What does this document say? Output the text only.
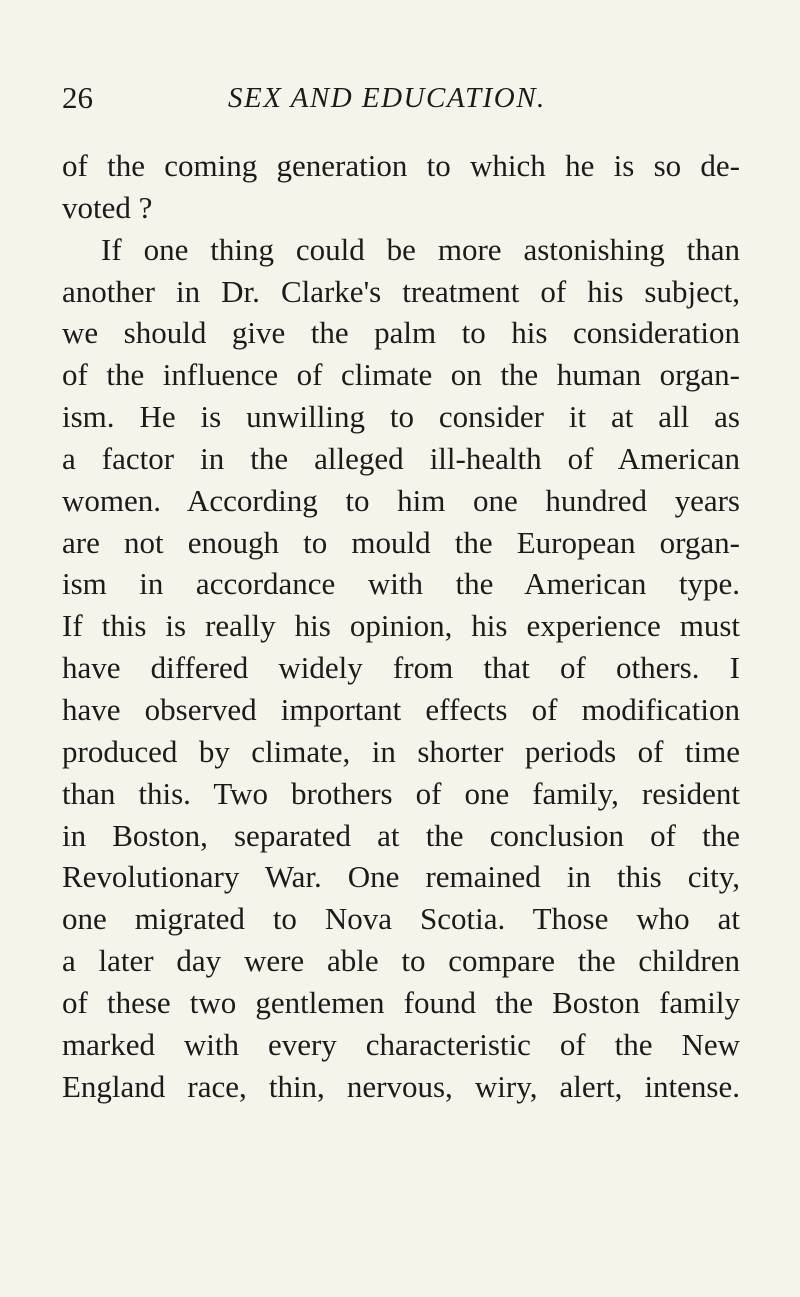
26	SEX AND EDUCATION.
of the coming generation to which he is so de-
voted ?
If one thing could be more astonishing than
another in Dr. Clarke's treatment of his subject,
we should give the palm to his consideration
of the influence of climate on the human organ-
ism. He is unwilling to consider it at all as
a factor in the alleged ill-health of American
women. According to him one hundred years
are not enough to mould the European organ-
ism in accordance with the American type.
If this is really his opinion, his experience must
have differed widely from that of others. I
have observed important effects of modification
produced by climate, in shorter periods of time
than this. Two brothers of one family, resident
in Boston, separated at the conclusion of the
Revolutionary War. One remained in this city,
one migrated to Nova Scotia. Those who at
a later day were able to compare the children
of these two gentlemen found the Boston family
marked with every characteristic of the New
England race, thin, nervous, wiry, alert, intense.
